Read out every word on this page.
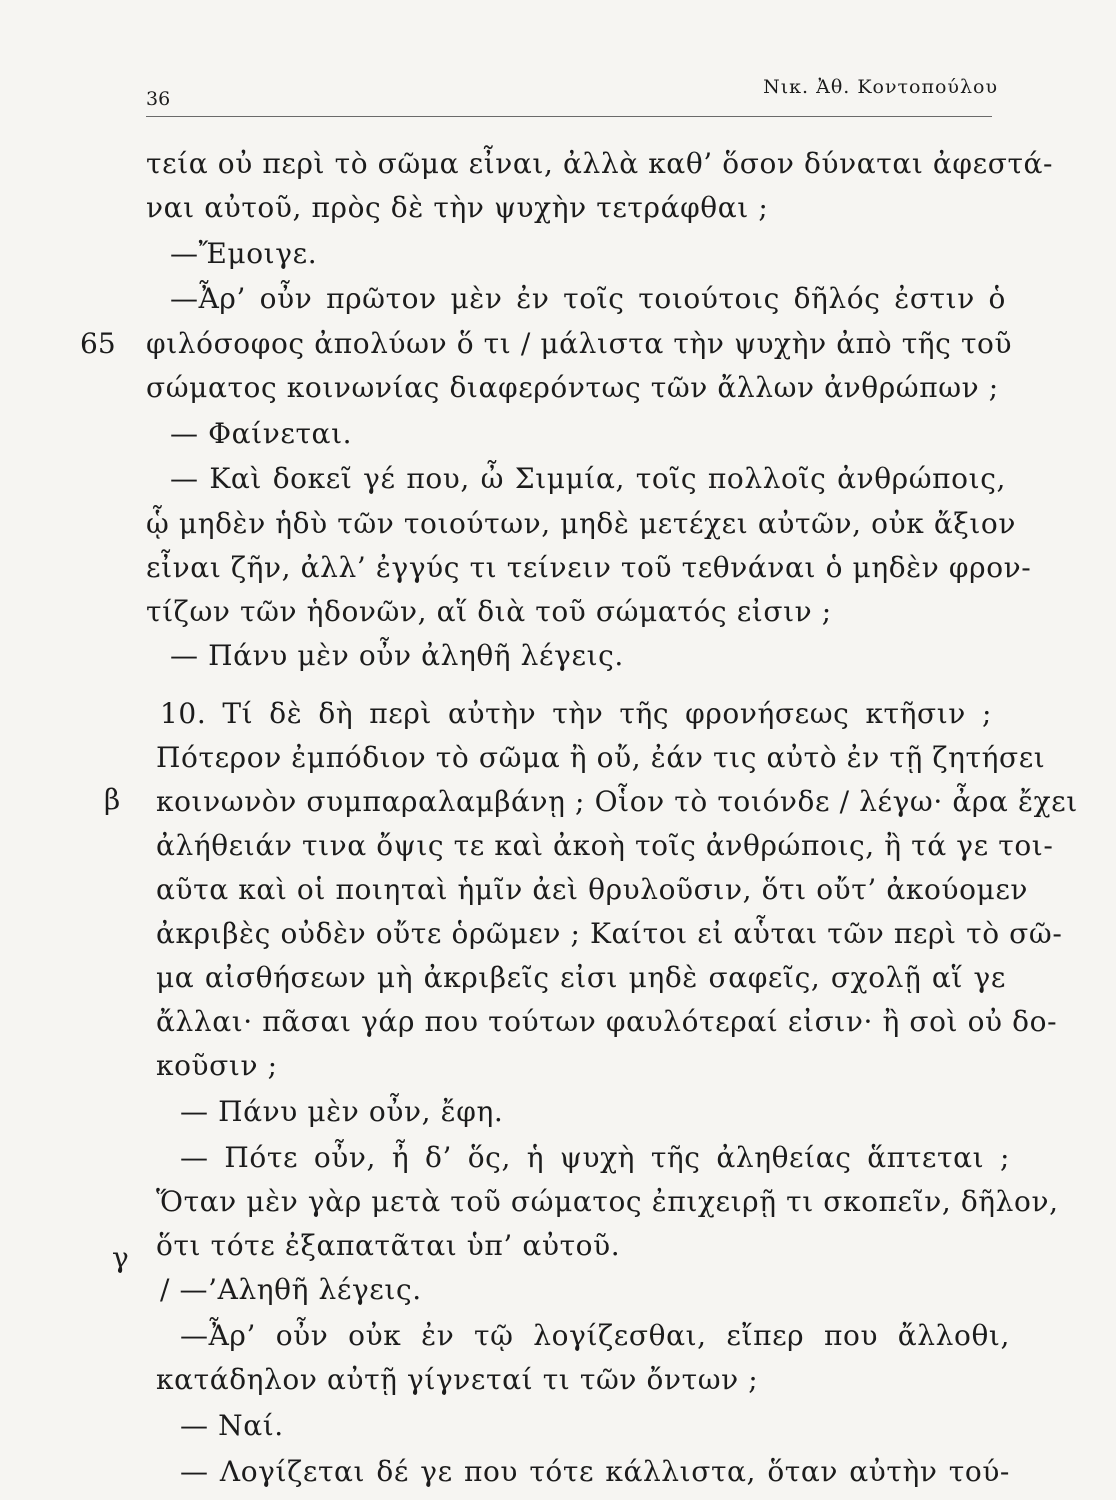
36
Νικ. Ἀθ. Κοντοπούλου
65
β
γ
τεία οὐ περὶ τὸ σῶμα εἶναι, ἀλλὰ καθ’ ὅσον δύναται ἀφεστά-
ναι αὐτοῦ, πρὸς δὲ τὴν ψυχὴν τετράφθαι ;
—Ἔμοιγε.
—Ἆρ’ οὖν πρῶτον μὲν ἐν τοῖς τοιούτοις δῆλός ἐστιν ὁ
φιλόσοφος ἀπολύων ὅ τι / μάλιστα τὴν ψυχὴν ἀπὸ τῆς τοῦ
σώματος κοινωνίας διαφερόντως τῶν ἄλλων ἀνθρώπων ;
— Φαίνεται.
— Καὶ δοκεῖ γέ που, ὦ Σιμμία, τοῖς πολλοῖς ἀνθρώποις,
ᾧ μηδὲν ἡδὺ τῶν τοιούτων, μηδὲ μετέχει αὐτῶν, οὐκ ἄξιον
εἶναι ζῆν, ἀλλ’ ἐγγύς τι τείνειν τοῦ τεθνάναι ὁ μηδὲν φρον-
τίζων τῶν ἡδονῶν, αἵ διὰ τοῦ σώματός εἰσιν ;
— Πάνυ μὲν οὖν ἀληθῆ λέγεις.
10. Τί δὲ δὴ περὶ αὐτὴν τὴν τῆς φρονήσεως κτῆσιν ;
Πότερον ἐμπόδιον τὸ σῶμα ἢ οὔ, ἐάν τις αὐτὸ ἐν τῇ ζητήσει
κοινωνὸν συμπαραλαμβάνῃ ; Οἷον τὸ τοιόνδε / λέγω· ἆρα ἔχει
ἀλήθειάν τινα ὄψις τε καὶ ἀκοὴ τοῖς ἀνθρώποις, ἢ τά γε τοι-
αῦτα καὶ οἱ ποιηταὶ ἡμῖν ἀεὶ θρυλοῦσιν, ὅτι οὔτ’ ἀκούομεν
ἀκριβὲς οὐδὲν οὔτε ὁρῶμεν ; Καίτοι εἰ αὗται τῶν περὶ τὸ σῶ-
μα αἰσθήσεων μὴ ἀκριβεῖς εἰσι μηδὲ σαφεῖς, σχολῇ αἵ γε
ἄλλαι· πᾶσαι γάρ που τούτων φαυλότεραί εἰσιν· ἢ σοὶ οὐ δο-
κοῦσιν ;
— Πάνυ μὲν οὖν, ἔφη.
— Πότε οὖν, ἦ δ’ ὅς, ἡ ψυχὴ τῆς ἀληθείας ἅπτεται ;
Ὅταν μὲν γὰρ μετὰ τοῦ σώματος ἐπιχειρῇ τι σκοπεῖν, δῆλον,
ὅτι τότε ἐξαπατᾶται ὑπ’ αὐτοῦ.
/ —’Αληθῆ λέγεις.
—Ἆρ’ οὖν οὐκ ἐν τῷ λογίζεσθαι, εἴπερ που ἄλλοθι,
κατάδηλον αὐτῇ γίγνεταί τι τῶν ὄντων ;
— Ναί.
— Λογίζεται δέ γε που τότε κάλλιστα, ὅταν αὐτὴν τού-
